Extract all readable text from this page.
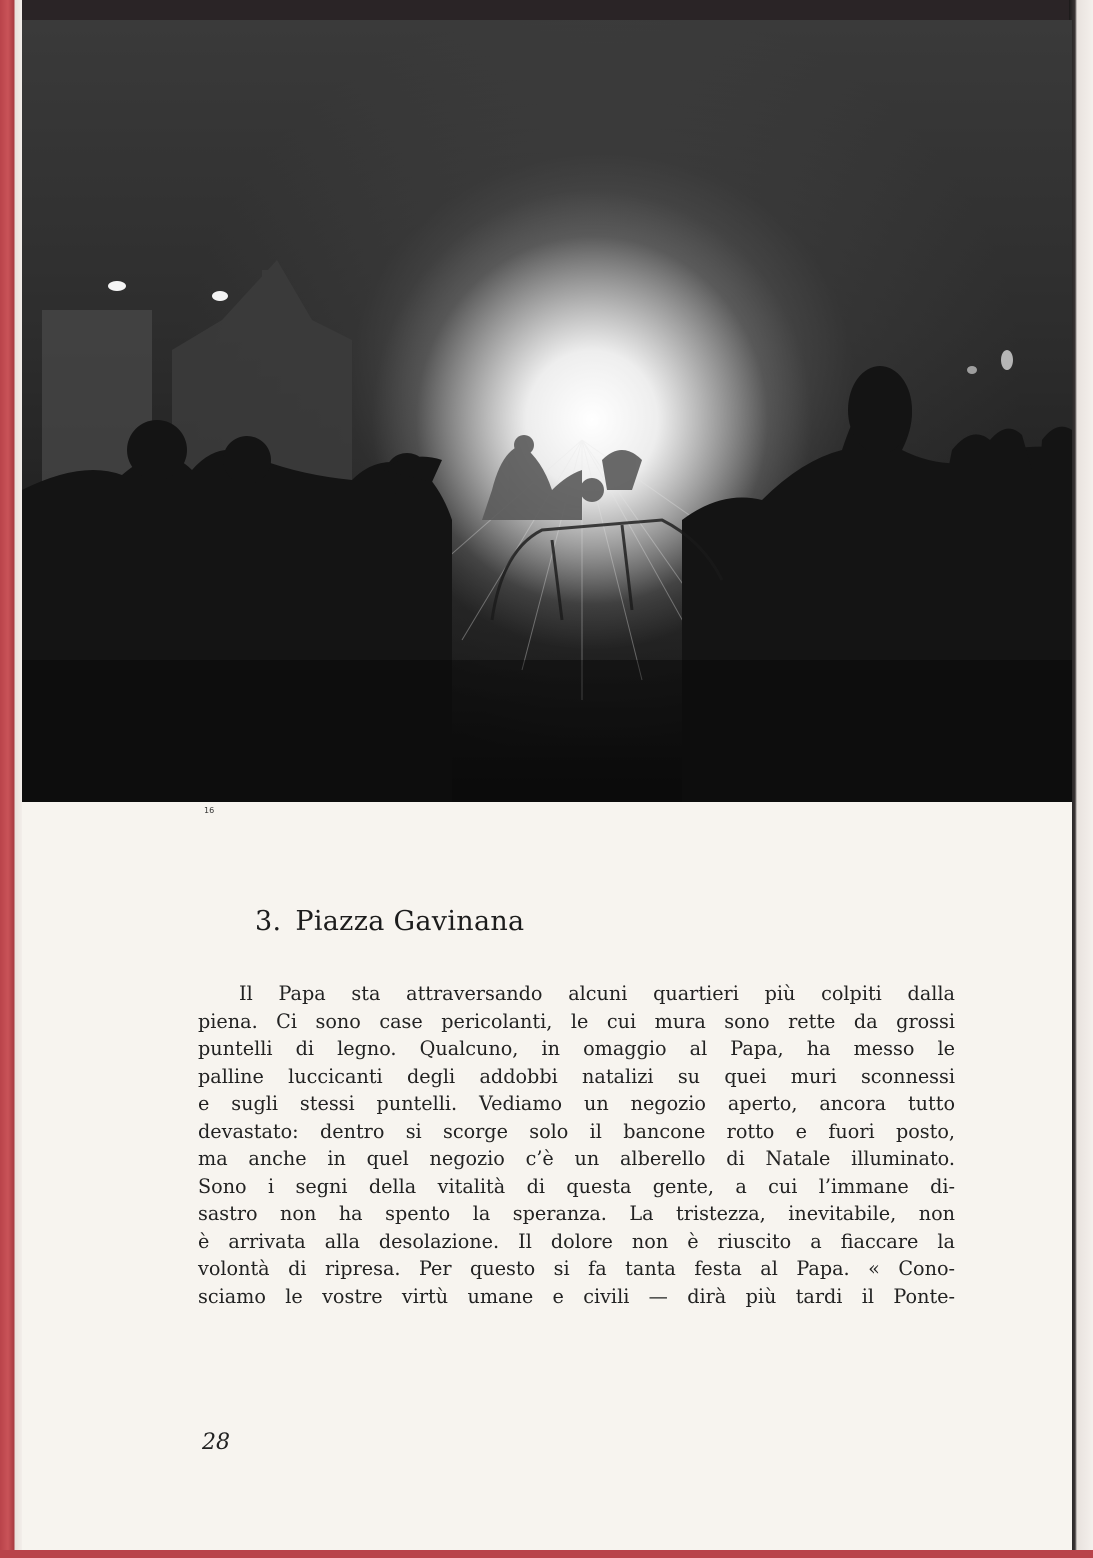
16
3. Piazza Gavinana
Il Papa sta attraversando alcuni quartieri più colpiti dalla
piena. Ci sono case pericolanti, le cui mura sono rette da grossi
puntelli di legno. Qualcuno, in omaggio al Papa, ha messo le
palline luccicanti degli addobbi natalizi su quei muri sconnessi
e sugli stessi puntelli. Vediamo un negozio aperto, ancora tutto
devastato: dentro si scorge solo il bancone rotto e fuori posto,
ma anche in quel negozio c’è un alberello di Natale illuminato.
Sono i segni della vitalità di questa gente, a cui l’immane di-
sastro non ha spento la speranza. La tristezza, inevitabile, non
è arrivata alla desolazione. Il dolore non è riuscito a fiaccare la
volontà di ripresa. Per questo si fa tanta festa al Papa. « Cono-
sciamo le vostre virtù umane e civili — dirà più tardi il Ponte-
28
